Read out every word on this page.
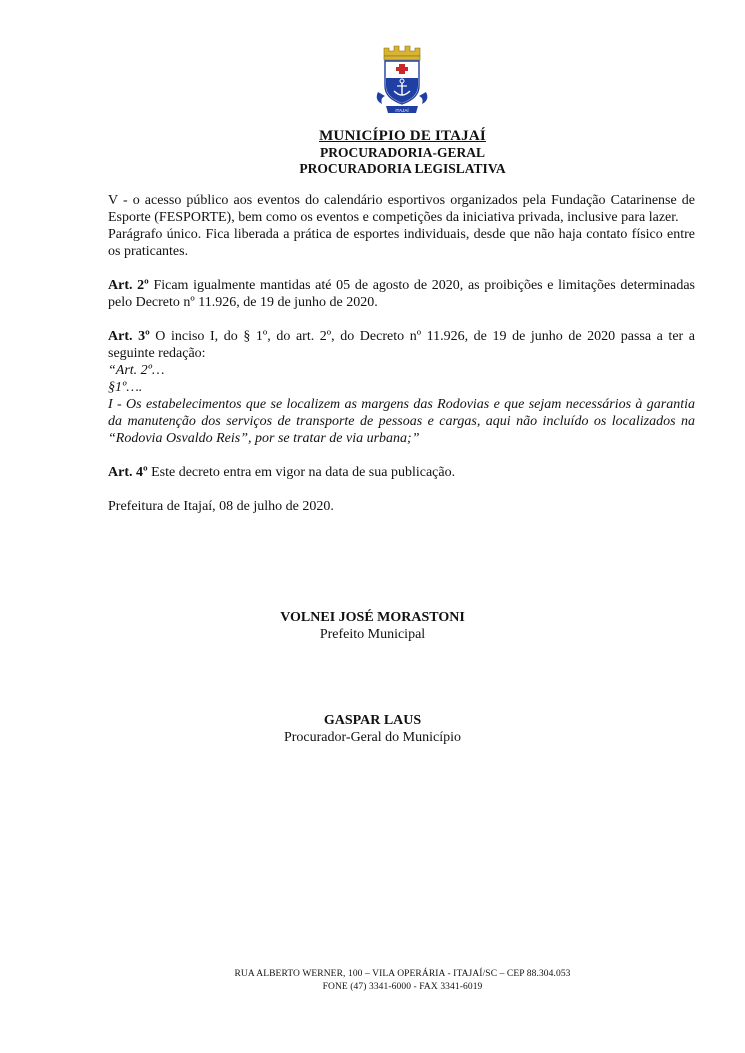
ITAJAÍ
MUNICÍPIO DE ITAJAÍ
PROCURADORIA-GERAL
PROCURADORIA LEGISLATIVA

V - o acesso público aos eventos do calendário esportivos organizados pela Fundação Catarinense de Esporte (FESPORTE), bem como os eventos e competições da iniciativa privada, inclusive para lazer.

Parágrafo único. Fica liberada a prática de esportes individuais, desde que não haja contato físico entre os praticantes.

Art. 2º Ficam igualmente mantidas até 05 de agosto de 2020, as proibições e limitações determinadas pelo Decreto nº 11.926, de 19 de junho de 2020.

Art. 3º O inciso I, do § 1º, do art. 2º, do Decreto nº 11.926, de 19 de junho de 2020 passa a ter a seguinte redação:

“Art. 2º…

§1º….

I - Os estabelecimentos que se localizem as margens das Rodovias e que sejam necessários à garantia da manutenção dos serviços de transporte de pessoas e cargas, aqui não incluído os localizados na “Rodovia Osvaldo Reis”, por se tratar de via urbana;”

Art. 4º Este decreto entra em vigor na data de sua publicação.

Prefeitura de Itajaí, 08 de julho de 2020.

VOLNEI JOSÉ MORASTONI
Prefeito Municipal
GASPAR LAUS
Procurador-Geral do Município
RUA ALBERTO WERNER, 100 – VILA OPERÁRIA - ITAJAÍ/SC – CEP 88.304.053
FONE (47) 3341-6000 - FAX 3341-6019
